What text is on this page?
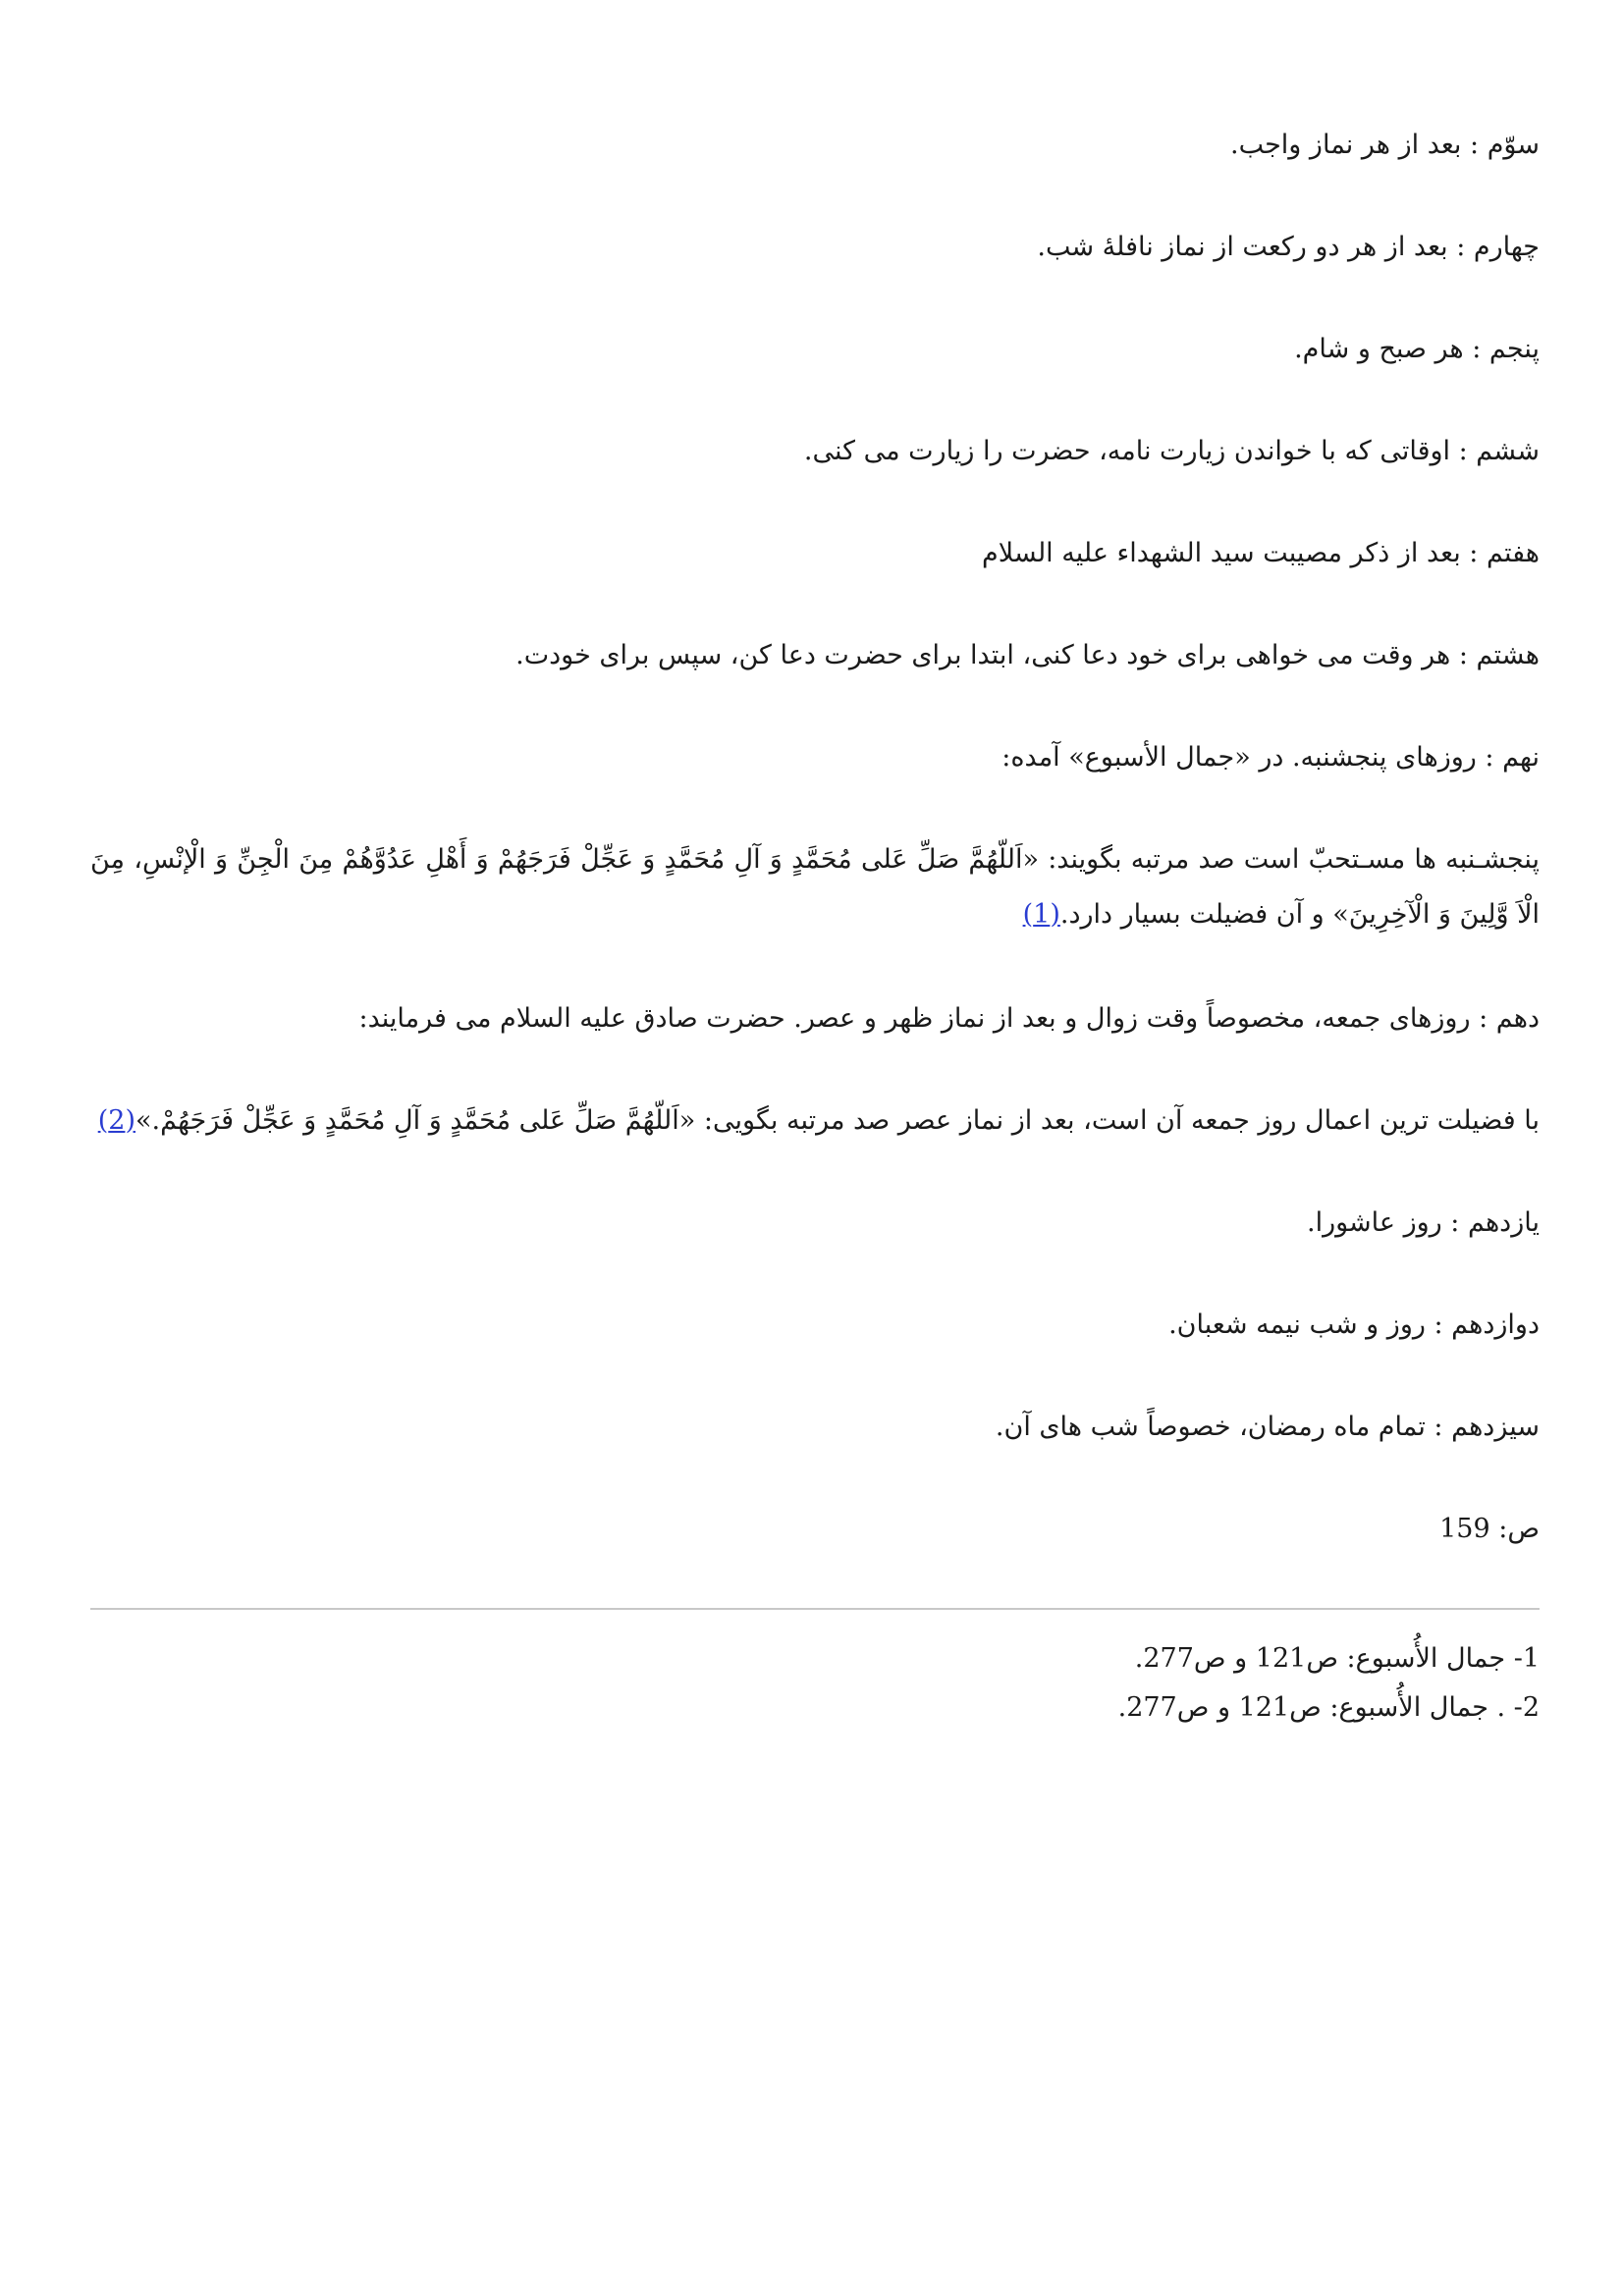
سوّم : بعد از هر نماز واجب.

چهارم : بعد از هر دو رکعت از نماز نافلۀ شب.

پنجم : هر صبح و شام.

ششم : اوقاتی که با خواندن زیارت نامه، حضرت را زیارت می کنی.

هفتم : بعد از ذکر مصیبت سید الشهداء علیه السلام

هشتم : هر وقت می خواهی برای خود دعا کنی، ابتدا برای حضرت دعا کن، سپس برای خودت.

نهم : روزهای پنجشنبه. در «جمال الأسبوع» آمده:

پنجشـنبه ها مسـتحبّ است صد مرتبه بگویند: «اَللّهُمَّ صَلِّ عَلی مُحَمَّدٍ وَ آلِ مُحَمَّدٍ وَ عَجِّلْ فَرَجَهُمْ وَ أَهْلِ عَدُوَّهُمْ مِنَ الْجِنِّ وَ الْإنْسِ، مِنَ الْاَ وَّلِینَ وَ الْآخِرِینَ» و آن فضیلت بسیار دارد.(1)

دهم : روزهای جمعه، مخصوصاً وقت زوال و بعد از نماز ظهر و عصر. حضرت صادق علیه السلام می فرمایند:

با فضیلت ترین اعمال روز جمعه آن است، بعد از نماز عصر صد مرتبه بگویی: «اَللّهُمَّ صَلِّ عَلی مُحَمَّدٍ وَ آلِ مُحَمَّدٍ وَ عَجِّلْ فَرَجَهُمْ.»(2)

یازدهم : روز عاشورا.

دوازدهم : روز و شب نیمه شعبان.

سیزدهم : تمام ماه رمضان، خصوصاً شب های آن.

ص: 159

1- جمال الأُسبوع: ص121 و ص277.

2- . جمال الأُسبوع: ص121 و ص277.
